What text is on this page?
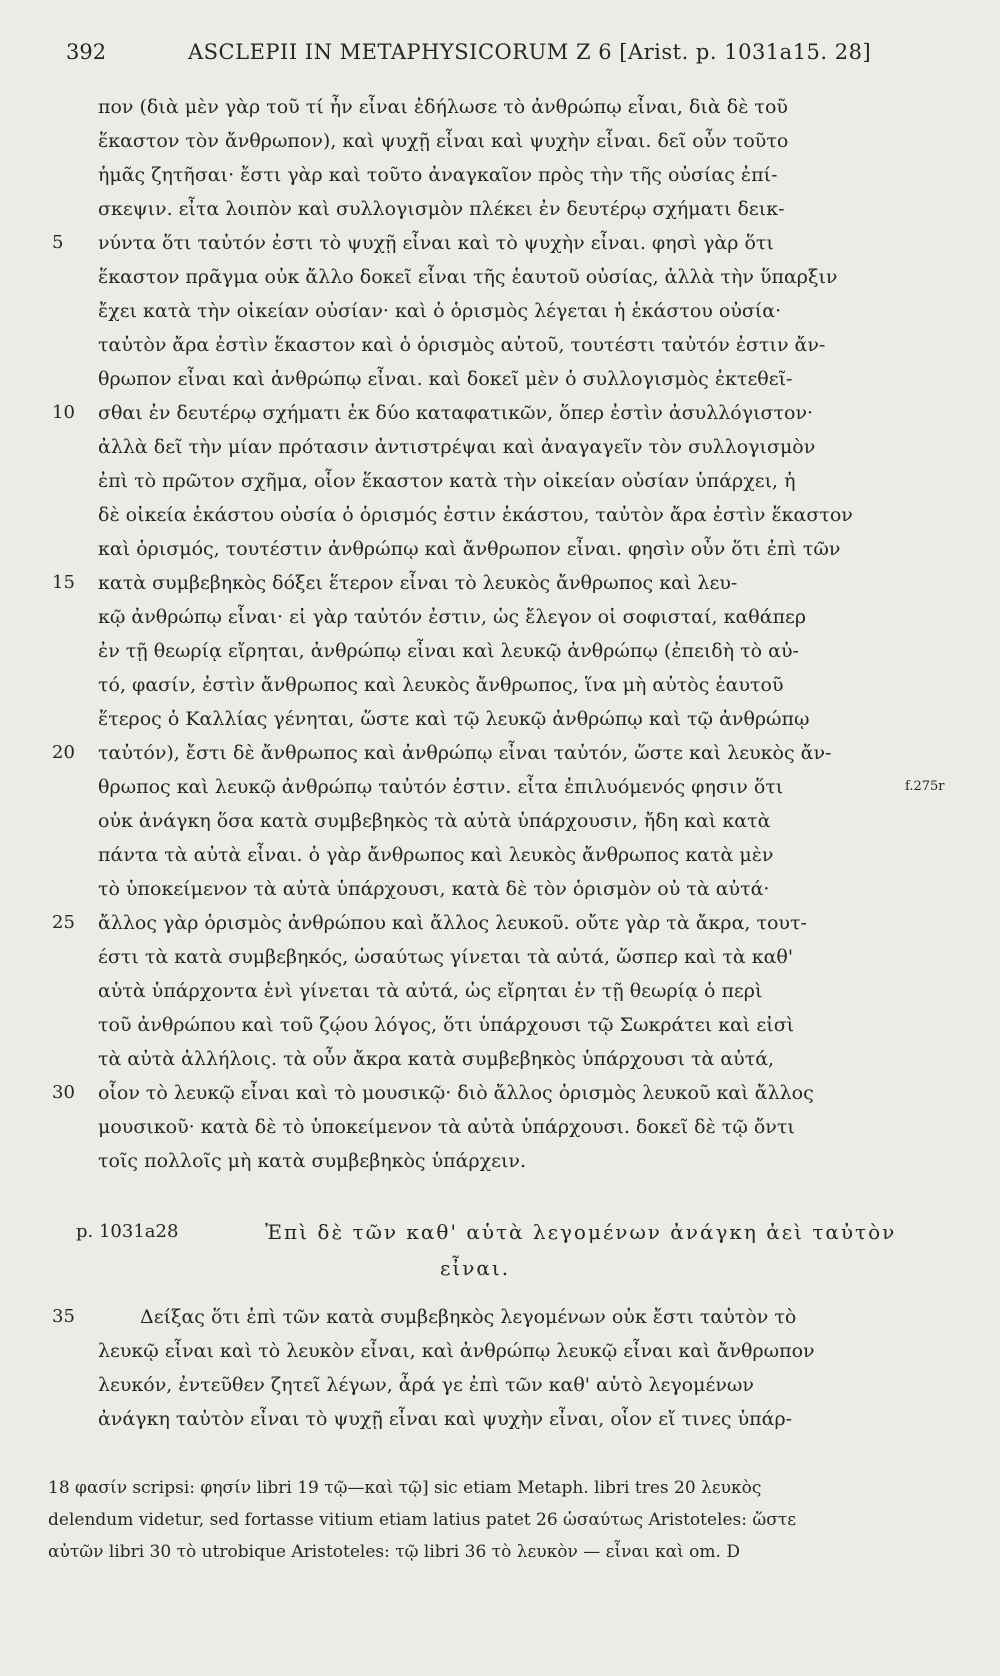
392	ASCLEPII IN METAPHYSICORUM Z 6 [Arist. p. 1031a15. 28]
πον (διὰ μὲν γὰρ τοῦ τί ἦν εἶναι ἐδήλωσε τὸ ἀνθρώπῳ εἶναι, διὰ δὲ τοῦ
ἕκαστον τὸν ἄνθρωπον), καὶ ψυχῇ εἶναι καὶ ψυχὴν εἶναι. δεῖ οὖν τοῦτο
ἡμᾶς ζητῆσαι· ἔστι γὰρ καὶ τοῦτο ἀναγκαῖον πρὸς τὴν τῆς οὐσίας ἐπί-
σκεψιν. εἶτα λοιπὸν καὶ συλλογισμὸν πλέκει ἐν δευτέρῳ σχήματι δεικ-
νύντα ὅτι ταὐτόν ἐστι τὸ ψυχῇ εἶναι καὶ τὸ ψυχὴν εἶναι. φησὶ γὰρ ὅτι
ἕκαστον πρᾶγμα οὐκ ἄλλο δοκεῖ εἶναι τῆς ἑαυτοῦ οὐσίας, ἀλλὰ τὴν ὕπαρξιν
ἔχει κατὰ τὴν οἰκείαν οὐσίαν· καὶ ὁ ὁρισμὸς λέγεται ἡ ἑκάστου οὐσία·
ταὐτὸν ἄρα ἐστὶν ἕκαστον καὶ ὁ ὁρισμὸς αὐτοῦ, τουτέστι ταὐτόν ἐστιν ἄν-
θρωπον εἶναι καὶ ἀνθρώπῳ εἶναι. καὶ δοκεῖ μὲν ὁ συλλογισμὸς ἐκτεθεῖ-
σθαι ἐν δευτέρῳ σχήματι ἐκ δύο καταφατικῶν, ὅπερ ἐστὶν ἀσυλλόγιστον·
ἀλλὰ δεῖ τὴν μίαν πρότασιν ἀντιστρέψαι καὶ ἀναγαγεῖν τὸν συλλογισμὸν
ἐπὶ τὸ πρῶτον σχῆμα, οἷον ἕκαστον κατὰ τὴν οἰκείαν οὐσίαν ὑπάρχει, ἡ
δὲ οἰκεία ἑκάστου οὐσία ὁ ὁρισμός ἐστιν ἑκάστου, ταὐτὸν ἄρα ἐστὶν ἕκαστον
καὶ ὁρισμός, τουτέστιν ἀνθρώπῳ καὶ ἄνθρωπον εἶναι. φησὶν οὖν ὅτι ἐπὶ τῶν
κατὰ συμβεβηκὸς δόξει ἕτερον εἶναι τὸ λευκὸς ἄνθρωπος καὶ λευ-
κῷ ἀνθρώπῳ εἶναι· εἰ γὰρ ταὐτόν ἐστιν, ὡς ἔλεγον οἱ σοφισταί, καθάπερ
ἐν τῇ θεωρίᾳ εἴρηται, ἀνθρώπῳ εἶναι καὶ λευκῷ ἀνθρώπῳ (ἐπειδὴ τὸ αὐ-
τό, φασίν, ἐστὶν ἄνθρωπος καὶ λευκὸς ἄνθρωπος, ἵνα μὴ αὐτὸς ἑαυτοῦ
ἕτερος ὁ Καλλίας γένηται, ὥστε καὶ τῷ λευκῷ ἀνθρώπῳ καὶ τῷ ἀνθρώπῳ
ταὐτόν), ἔστι δὲ ἄνθρωπος καὶ ἀνθρώπῳ εἶναι ταὐτόν, ὥστε καὶ λευκὸς ἄν-
θρωπος καὶ λευκῷ ἀνθρώπῳ ταὐτόν ἐστιν. εἶτα ἐπιλυόμενός φησιν ὅτι
οὐκ ἀνάγκη ὅσα κατὰ συμβεβηκὸς τὰ αὐτὰ ὑπάρχουσιν, ἤδη καὶ κατὰ
πάντα τὰ αὐτὰ εἶναι. ὁ γὰρ ἄνθρωπος καὶ λευκὸς ἄνθρωπος κατὰ μὲν
τὸ ὑποκείμενον τὰ αὐτὰ ὑπάρχουσι, κατὰ δὲ τὸν ὁρισμὸν οὐ τὰ αὐτά·
ἄλλος γὰρ ὁρισμὸς ἀνθρώπου καὶ ἄλλος λευκοῦ. οὔτε γὰρ τὰ ἄκρα, τουτ-
έστι τὰ κατὰ συμβεβηκός, ὡσαύτως γίνεται τὰ αὐτά, ὥσπερ καὶ τὰ καθ'
αὑτὰ ὑπάρχοντα ἑνὶ γίνεται τὰ αὐτά, ὡς εἴρηται ἐν τῇ θεωρίᾳ ὁ περὶ
τοῦ ἀνθρώπου καὶ τοῦ ζῴου λόγος, ὅτι ὑπάρχουσι τῷ Σωκράτει καὶ εἰσὶ
τὰ αὐτὰ ἀλλήλοις. τὰ οὖν ἄκρα κατὰ συμβεβηκὸς ὑπάρχουσι τὰ αὐτά,
οἷον τὸ λευκῷ εἶναι καὶ τὸ μουσικῷ· διὸ ἄλλος ὁρισμὸς λευκοῦ καὶ ἄλλος
μουσικοῦ· κατὰ δὲ τὸ ὑποκείμενον τὰ αὐτὰ ὑπάρχουσι. δοκεῖ δὲ τῷ ὄντι
τοῖς πολλοῖς μὴ κατὰ συμβεβηκὸς ὑπάρχειν.
5
10
15
20
25
30
f.275r
p. 1031a28	Ἐπὶ δὲ τῶν καθ' αὑτὰ λεγομένων ἀνάγκη ἀεὶ ταὐτὸν
εἶναι.
35	Δείξας ὅτι ἐπὶ τῶν κατὰ συμβεβηκὸς λεγομένων οὐκ ἔστι ταὐτὸν τὸ
λευκῷ εἶναι καὶ τὸ λευκὸν εἶναι, καὶ ἀνθρώπῳ λευκῷ εἶναι καὶ ἄνθρωπον
λευκόν, ἐντεῦθεν ζητεῖ λέγων, ἆρά γε ἐπὶ τῶν καθ' αὑτὸ λεγομένων
ἀνάγκη ταὐτὸν εἶναι τὸ ψυχῇ εἶναι καὶ ψυχὴν εἶναι, οἷον εἴ τινες ὑπάρ-
18 φασίν scripsi: φησίν libri 19 τῷ—καὶ τῷ] sic etiam Metaph. libri tres 20 λευκὸς
delendum videtur, sed fortasse vitium etiam latius patet 26 ὡσαύτως Aristoteles: ὥστε
αὐτῶν libri 30 τὸ utrobique Aristoteles: τῷ libri 36 τὸ λευκὸν — εἶναι καὶ om. D
